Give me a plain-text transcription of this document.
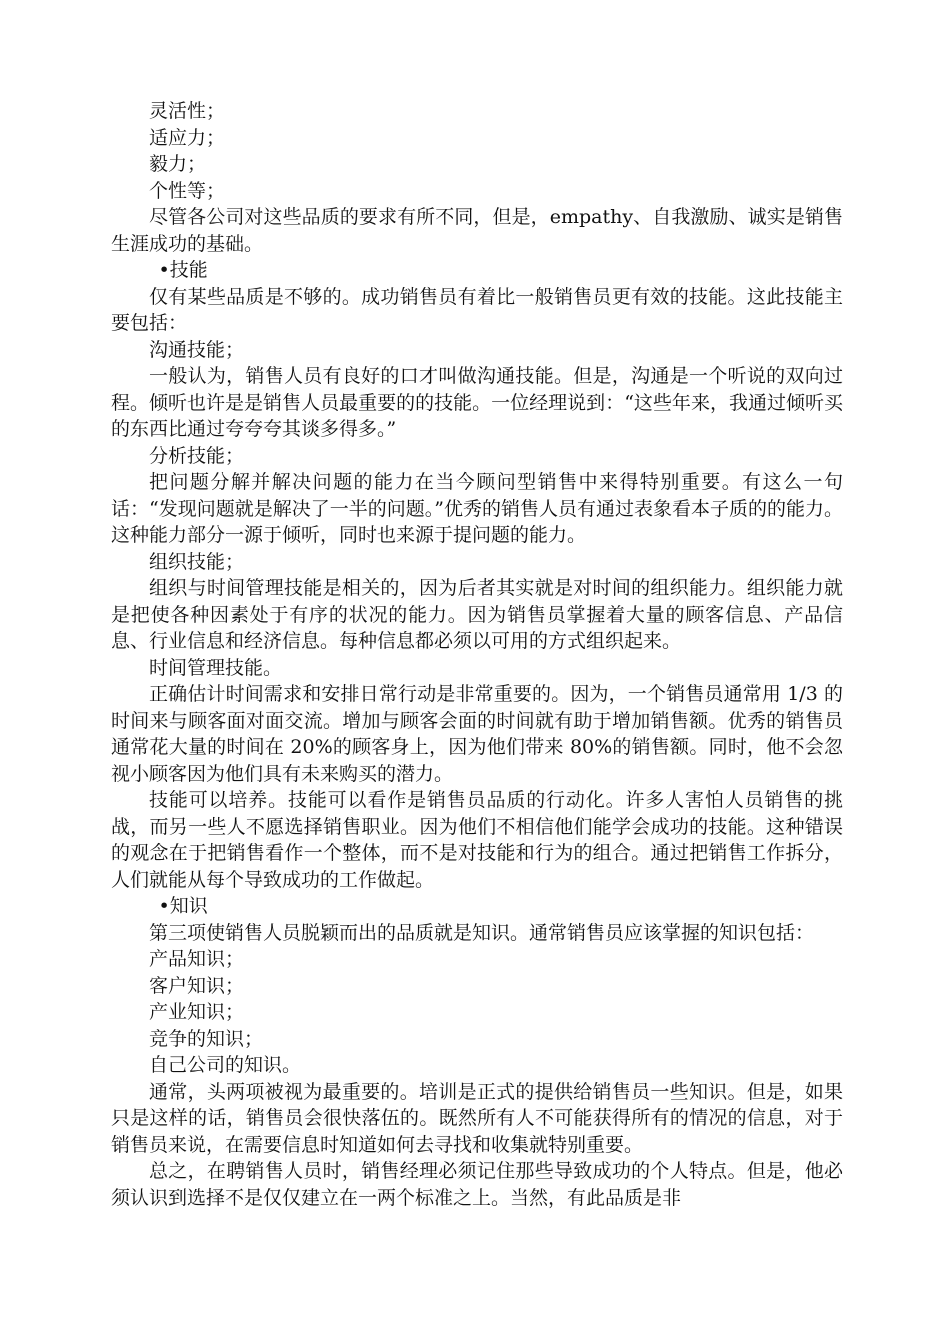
灵活性；
适应力；
毅力；
个性等；

尽管各公司对这些品质的要求有所不同，但是，empathy、自我激励、诚实是销售生涯成功的基础。

•技能

仅有某些品质是不够的。成功销售员有着比一般销售员更有效的技能。这此技能主要包括：

沟通技能；

一般认为，销售人员有良好的口才叫做沟通技能。但是，沟通是一个听说的双向过程。倾听也许是是销售人员最重要的的技能。一位经理说到：“这些年来，我通过倾听买的东西比通过夸夸夸其谈多得多。”

分析技能；

把问题分解并解决问题的能力在当今顾问型销售中来得特别重要。有这么一句话：“发现问题就是解决了一半的问题。”优秀的销售人员有通过表象看本子质的的能力。这种能力部分一源于倾听，同时也来源于提问题的能力。

组织技能；

组织与时间管理技能是相关的，因为后者其实就是对时间的组织能力。组织能力就是把使各种因素处于有序的状况的能力。因为销售员掌握着大量的顾客信息、产品信息、行业信息和经济信息。每种信息都必须以可用的方式组织起来。

时间管理技能。

正确估计时间需求和安排日常行动是非常重要的。因为，一个销售员通常用 1/3 的时间来与顾客面对面交流。增加与顾客会面的时间就有助于增加销售额。优秀的销售员通常花大量的时间在 20%的顾客身上，因为他们带来 80%的销售额。同时，他不会忽视小顾客因为他们具有未来购买的潜力。

技能可以培养。技能可以看作是销售员品质的行动化。许多人害怕人员销售的挑战，而另一些人不愿选择销售职业。因为他们不相信他们能学会成功的技能。这种错误的观念在于把销售看作一个整体，而不是对技能和行为的组合。通过把销售工作拆分，人们就能从每个导致成功的工作做起。

•知识

第三项使销售人员脱颖而出的品质就是知识。通常销售员应该掌握的知识包括：

产品知识；
客户知识；
产业知识；
竞争的知识；
自己公司的知识。

通常，头两项被视为最重要的。培训是正式的提供给销售员一些知识。但是，如果只是这样的话，销售员会很快落伍的。既然所有人不可能获得所有的情况的信息，对于销售员来说，在需要信息时知道如何去寻找和收集就特别重要。

总之，在聘销售人员时，销售经理必须记住那些导致成功的个人特点。但是，他必须认识到选择不是仅仅建立在一两个标准之上。当然，有此品质是非
